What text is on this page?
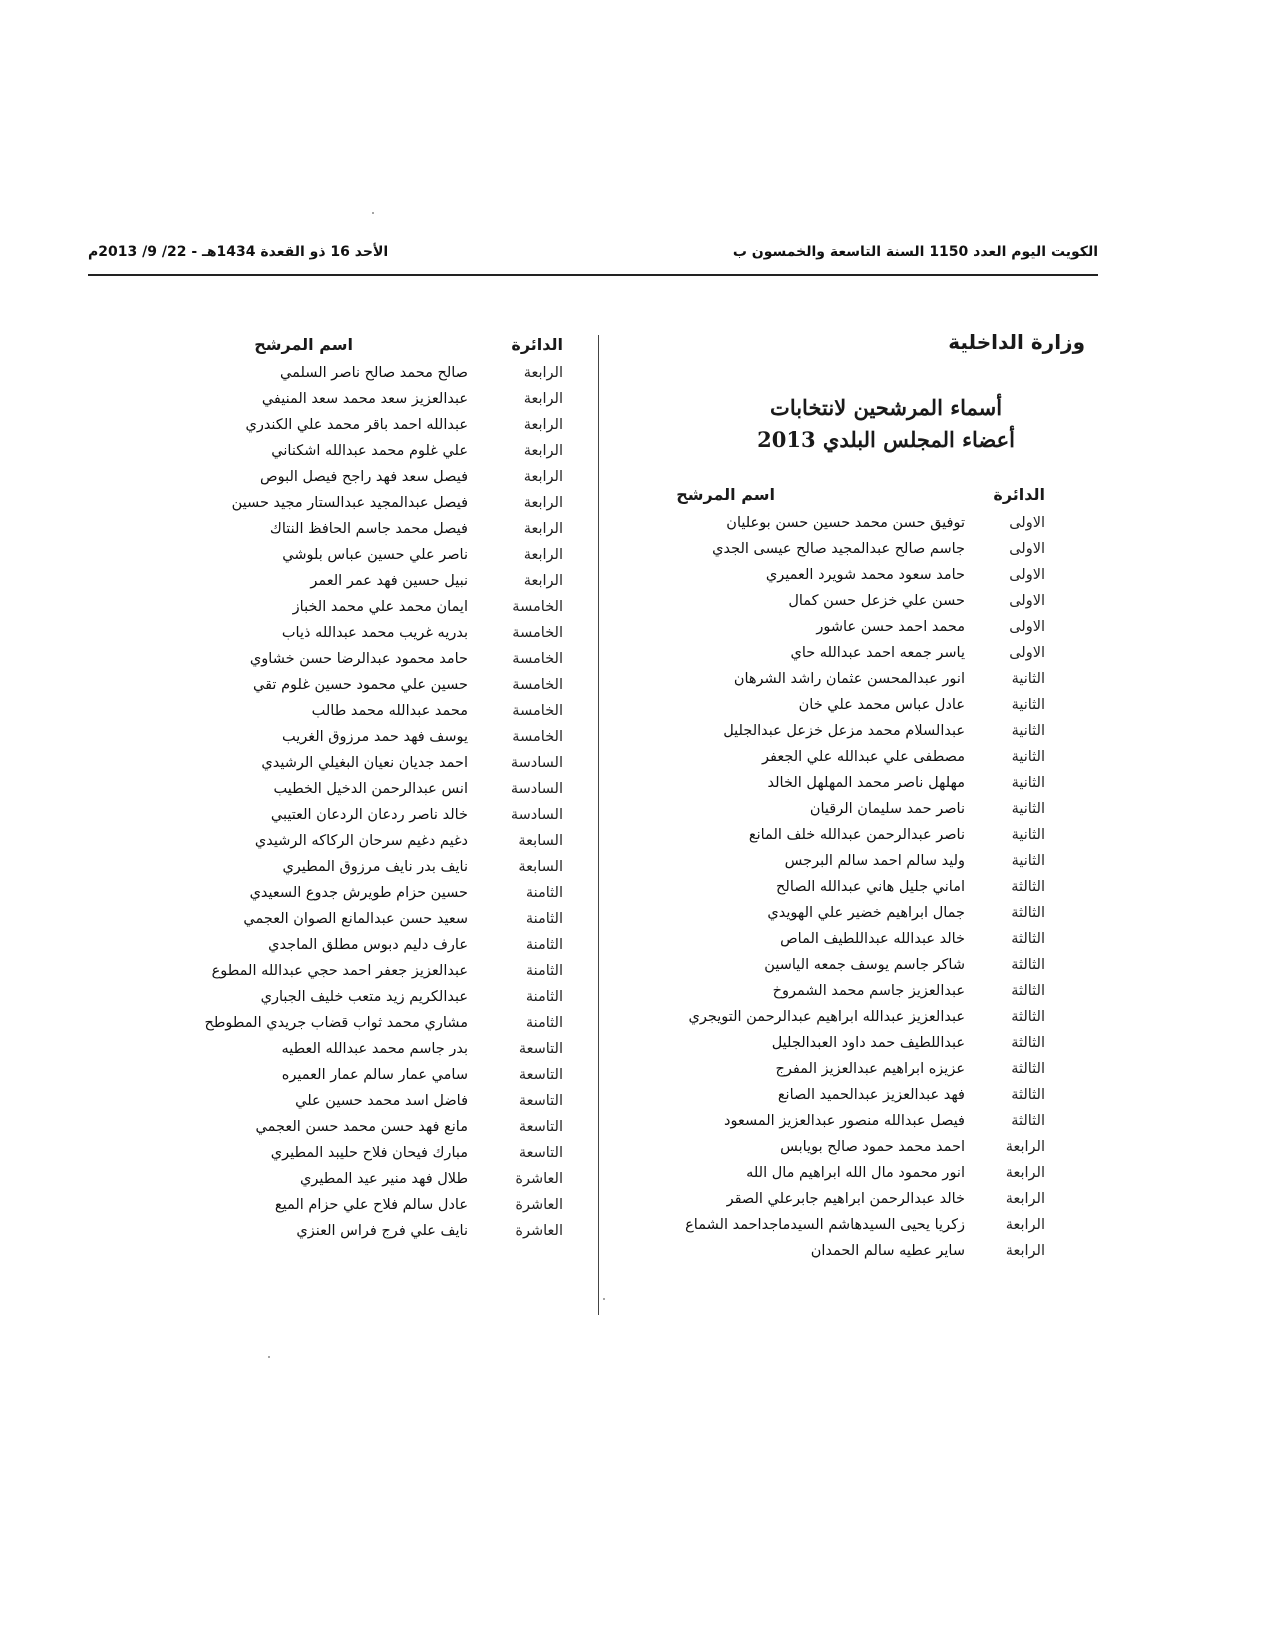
الكويت اليوم العدد 1150 السنة التاسعة والخمسون ب
الأحد 16 ذو القعدة 1434هـ - 22/ 9/ 2013م
وزارة الداخلية
أسماء المرشحين لانتخابات
أعضاء المجلس البلدي 2013
الدائرة
اسم المرشح
الاولى
توفيق حسن محمد حسين حسن بوعليان
الاولى
جاسم صالح عبدالمجيد صالح عيسى الجدي
الاولى
حامد سعود محمد شويرد العميري
الاولى
حسن علي خزعل حسن كمال
الاولى
محمد احمد حسن عاشور
الاولى
ياسر جمعه احمد عبدالله حاي
الثانية
انور عبدالمحسن عثمان راشد الشرهان
الثانية
عادل عباس محمد علي خان
الثانية
عبدالسلام محمد مزعل خزعل عبدالجليل
الثانية
مصطفى علي عبدالله علي الجعفر
الثانية
مهلهل ناصر محمد المهلهل الخالد
الثانية
ناصر حمد سليمان الرقيان
الثانية
ناصر عبدالرحمن عبدالله خلف المانع
الثانية
وليد سالم احمد سالم البرجس
الثالثة
اماني جليل هاني عبدالله الصالح
الثالثة
جمال ابراهيم خضير علي الهويدي
الثالثة
خالد عبدالله عبداللطيف الماص
الثالثة
شاكر جاسم يوسف جمعه الياسين
الثالثة
عبدالعزيز جاسم محمد الشمروخ
الثالثة
عبدالعزيز عبدالله ابراهيم عبدالرحمن التويجري
الثالثة
عبداللطيف حمد داود العبدالجليل
الثالثة
عزيزه ابراهيم عبدالعزيز المفرج
الثالثة
فهد عبدالعزيز عبدالحميد الصانع
الثالثة
فيصل عبدالله منصور عبدالعزيز المسعود
الرابعة
احمد محمد حمود صالح بويابس
الرابعة
انور محمود مال الله ابراهيم مال الله
الرابعة
خالد عبدالرحمن ابراهيم جابرعلي الصقر
الرابعة
زكريا يحيى السيدهاشم السيدماجداحمد الشماع
الرابعة
ساير عطيه سالم الحمدان
الدائرة
اسم المرشح
الرابعة
صالح محمد صالح ناصر السلمي
الرابعة
عبدالعزيز سعد محمد سعد المنيفي
الرابعة
عبدالله احمد باقر محمد علي الكندري
الرابعة
علي غلوم محمد عبدالله اشكناني
الرابعة
فيصل سعد فهد راجح فيصل البوص
الرابعة
فيصل عبدالمجيد عبدالستار مجيد حسين
الرابعة
فيصل محمد جاسم الحافظ النتاك
الرابعة
ناصر علي حسين عباس بلوشي
الرابعة
نبيل حسين فهد عمر العمر
الخامسة
ايمان محمد علي محمد الخباز
الخامسة
بدريه غريب محمد عبدالله ذياب
الخامسة
حامد محمود عبدالرضا حسن خشاوي
الخامسة
حسين علي محمود حسين غلوم تقي
الخامسة
محمد عبدالله محمد طالب
الخامسة
يوسف فهد حمد مرزوق الغريب
السادسة
احمد جديان نعيان البغيلي الرشيدي
السادسة
انس عبدالرحمن الدخيل الخطيب
السادسة
خالد ناصر ردعان الردعان العتيبي
السابعة
دغيم دغيم سرحان الركاكه الرشيدي
السابعة
نايف بدر نايف مرزوق المطيري
الثامنة
حسين حزام طويرش جدوع السعيدي
الثامنة
سعيد حسن عبدالمانع الصوان العجمي
الثامنة
عارف دليم دبوس مطلق الماجدي
الثامنة
عبدالعزيز جعفر احمد حجي عبدالله المطوع
الثامنة
عبدالكريم زيد متعب خليف الجباري
الثامنة
مشاري محمد ثواب قضاب جريدي المطوطح
التاسعة
بدر جاسم محمد عبدالله العطيه
التاسعة
سامي عمار سالم عمار العميره
التاسعة
فاضل اسد محمد حسين علي
التاسعة
مانع فهد حسن محمد حسن العجمي
التاسعة
مبارك فيحان فلاح حليبد المطيري
العاشرة
طلال فهد منير عيد المطيري
العاشرة
عادل سالم فلاح علي حزام الميع
العاشرة
نايف علي فرج فراس العنزي
